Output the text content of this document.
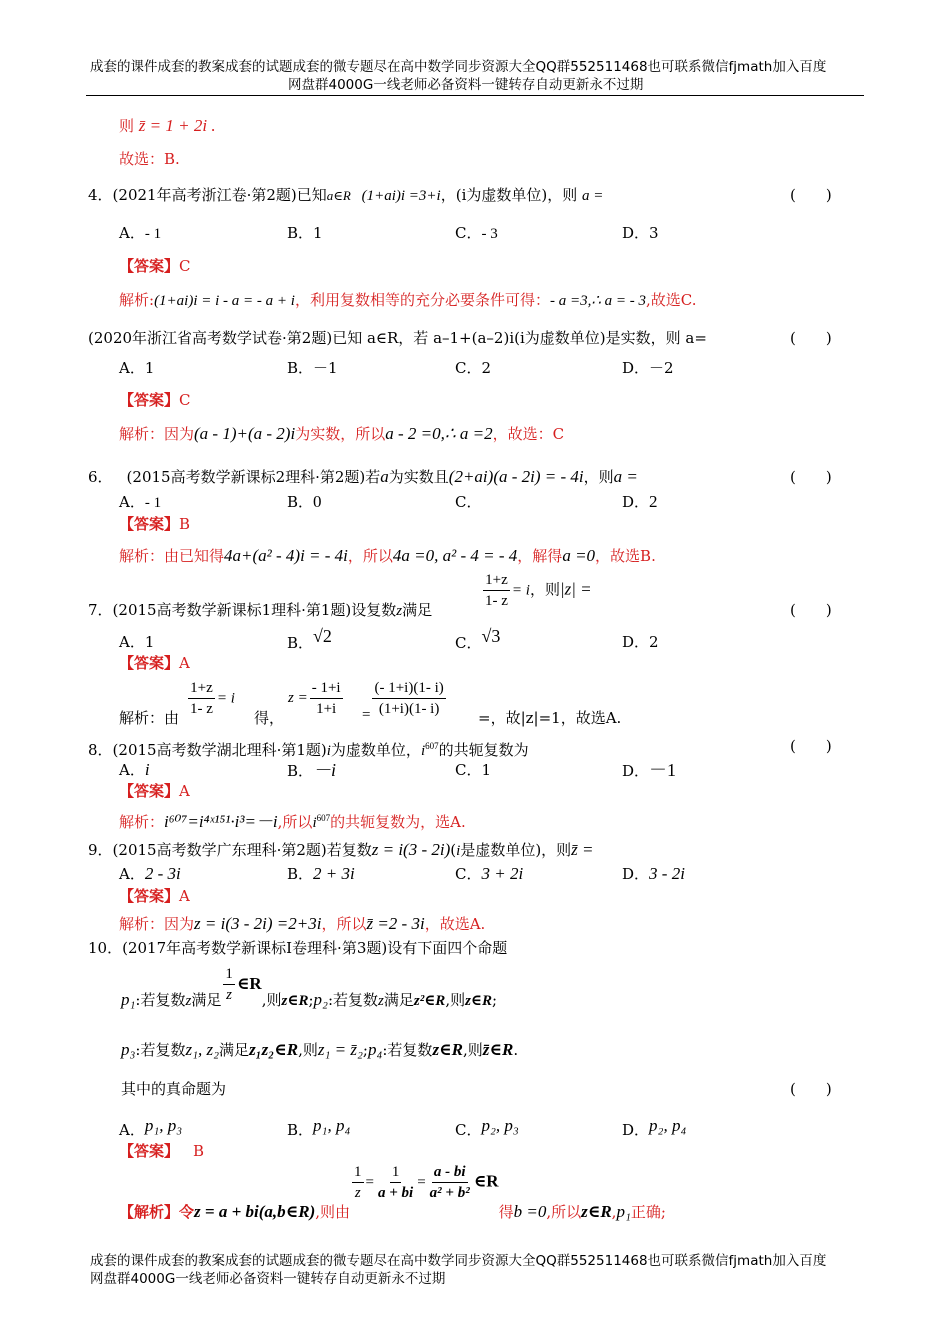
成套的课件成套的教案成套的试题成套的微专题尽在高中数学同步资源大全QQ群552511468也可联系微信fjmath加入百度
网盘群4000G一线老师必备资料一键转存自动更新永不过期
则 z̄ = 1 + 2i .
故选：B.
4．(2021年高考浙江卷·第2题)已知a∈R (1+ai)i =3+i，(i为虚数单位)，则 a =	(　　)
A．- 1	B．1	C．- 3	D．3
【答案】C
解析:(1+ai)i = i - a = - a + i，利用复数相等的充分必要条件可得：- a =3,∴ a = - 3,故选C.
(2020年浙江省高考数学试卷·第2题)已知 a∈R，若 a–1+(a–2)i(i为虚数单位)是实数，则 a=	(　　)
A．1	B．－1	C．2	D．－2
【答案】C
解析：因为(a - 1)+(a - 2)i为实数，所以a - 2 =0,∴ a =2，故选：C
6． (2015高考数学新课标2理科·第2题)若a为实数且(2+ai)(a - 2i) = - 4i，则a =	(　　)
A．- 1	B．0	C．	D．2
【答案】B
解析：由已知得4a+(a² - 4)i = - 4i，所以4a =0, a² - 4 = - 4，解得a =0，故选B.
7．(2015高考数学新课标1理科·第1题)设复数z满足	$\frac{1+z}{1- z} = i$，则|z| =
(　　)
A．1	B．√2	C．√3	D．2
【答案】A
解析：由 $\frac{1+z}{1- z} = i$
得，
$z = \frac{- 1+i}{1+i} = \frac{(- 1+i)(1- i)}{(1+i)(1- i)}$ =，故|z|=1，故选A.
8．(2015高考数学湖北理科·第1题)i为虚数单位，$i^{607}$的共轭复数为	(　　)
A．i	B．－i	C．1	D．－1
【答案】A
解析：i⁶⁰⁷=i⁴ˣ¹⁵¹·i³=－i,所以$i^{607}$的共轭复数为，选A.
9．(2015高考数学广东理科·第2题)若复数z = i(3 - 2i)(i是虚数单位)，则z̄ =
A．2 - 3i	B．2 + 3i	C．3 + 2i	D．3 - 2i
【答案】A
解析：因为z = i(3 - 2i) =2+3i，所以z̄ =2 - 3i，故选A.
10．(2017年高考数学新课标Ⅰ卷理科·第3题)设有下面四个命题
p₁:若复数z满足 $\frac{1}{z}$ ∈R,则z∈R;p₂:若复数z满足z²∈R,则z∈R;
p₃:若复数z₁, z₂满足z₁z₂∈R,则z₁ = z̄₂;p₄:若复数z∈R,则z̄∈R.
其中的真命题为	(　　)
A．p₁, p₃	B．p₁, p₄	C．p₂, p₃	D．p₂, p₄
【答案】 B
【解析】令z = a + bi(a,b∈R),则由
$\frac{1}{z} = \frac{1}{a + bi} = \frac{a - bi}{\text{a² + b²}}$ ∈R得b =0,所以z∈R,p₁正确;
成套的课件成套的教案成套的试题成套的微专题尽在高中数学同步资源大全QQ群552511468也可联系微信fjmath加入百度
网盘群4000G一线老师必备资料一键转存自动更新永不过期
